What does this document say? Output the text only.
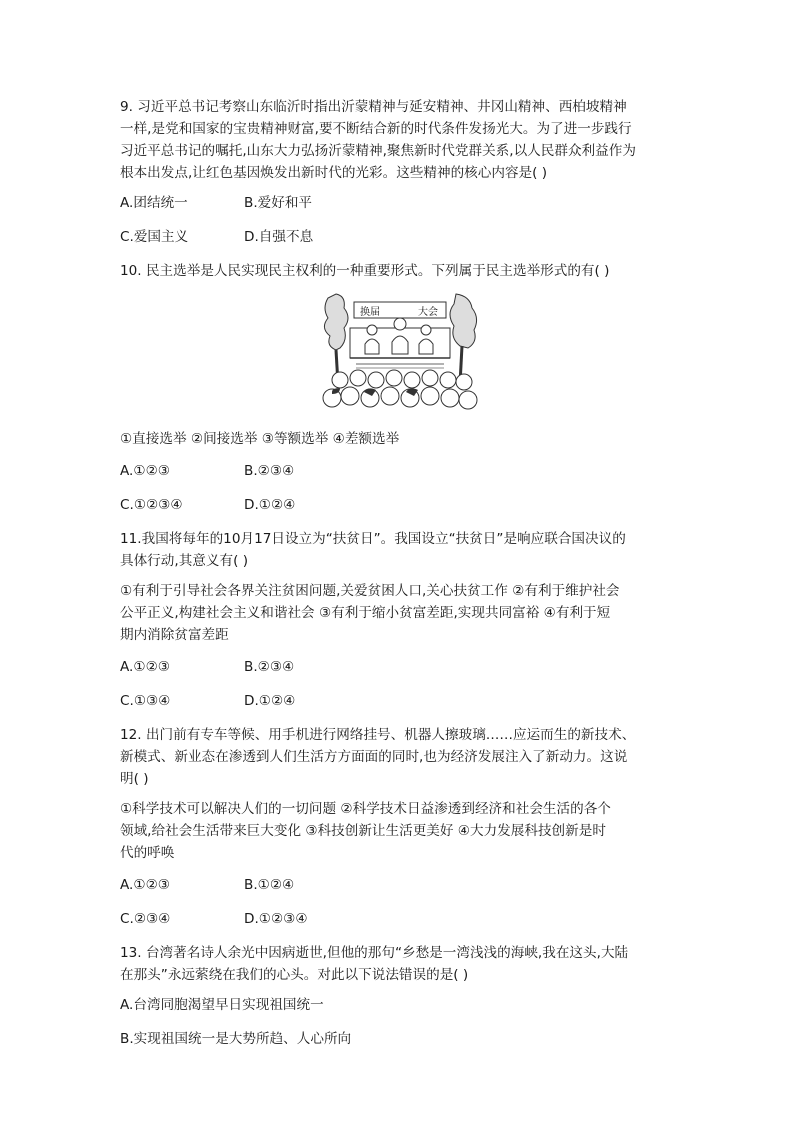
9. 习近平总书记考察山东临沂时指出沂蒙精神与延安精神、井冈山精神、西柏坡精神
一样,是党和国家的宝贵精神财富,要不断结合新的时代条件发扬光大。为了进一步践行
习近平总书记的嘱托,山东大力弘扬沂蒙精神,聚焦新时代党群关系,以人民群众利益作为
根本出发点,让红色基因焕发出新时代的光彩。这些精神的核心内容是( )
A.团结统一	B.爱好和平
C.爱国主义	D.自强不息
10. 民主选举是人民实现民主权利的一种重要形式。下列属于民主选举形式的有( )
换届	大会
①直接选举 ②间接选举 ③等额选举 ④差额选举
A.①②③	B.②③④
C.①②③④	D.①②④
11.我国将每年的10月17日设立为“扶贫日”。我国设立“扶贫日”是响应联合国决议的
具体行动,其意义有( )
①有利于引导社会各界关注贫困问题,关爱贫困人口,关心扶贫工作 ②有利于维护社会
公平正义,构建社会主义和谐社会 ③有利于缩小贫富差距,实现共同富裕 ④有利于短
期内消除贫富差距
A.①②③	B.②③④
C.①③④	D.①②④
12. 出门前有专车等候、用手机进行网络挂号、机器人擦玻璃……应运而生的新技术、
新模式、新业态在渗透到人们生活方方面面的同时,也为经济发展注入了新动力。这说
明( )
①科学技术可以解决人们的一切问题 ②科学技术日益渗透到经济和社会生活的各个
领域,给社会生活带来巨大变化 ③科技创新让生活更美好 ④大力发展科技创新是时
代的呼唤
A.①②③	B.①②④
C.②③④	D.①②③④
13. 台湾著名诗人余光中因病逝世,但他的那句“乡愁是一湾浅浅的海峡,我在这头,大陆
在那头”永远萦绕在我们的心头。对此以下说法错误的是( )
A.台湾同胞渴望早日实现祖国统一
B.实现祖国统一是大势所趋、人心所向
